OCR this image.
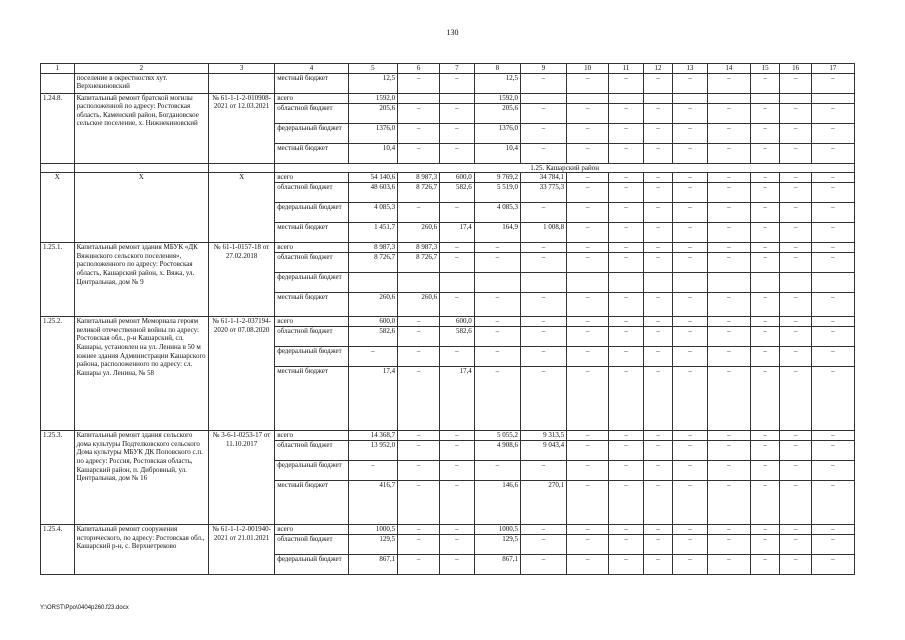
130
1	2	3	4	5	6	7	8	9	10	11	12	13	14	15	16	17
	поселение в окрестностях хут. Верхнекиновский		местный бюджет	12,5	–	–	12,5	–	–	–	–	–	–	–	–	–
1.24.8.	Капитальный ремонт братской могилы расположенной по адресу: Ростовская область, Каменский район, Богдановское сельское поселение, х. Нижнекиновский	№ 61-1-1-2-010908-2021 от 12.03.2021	всего	1592,0			1592,0									
			областной бюджет	205,6	–	–	205,6	–	–	–	–	–	–	–	–	–
			федеральный бюджет	1376,0	–	–	1376,0	–	–	–	–	–	–	–	–	–
			местный бюджет	10,4	–	–	10,4	–	–	–	–	–	–	–	–	–
			1.25. Кашарский район													
X	X	X	всего	54 140,6	8 987,3	600,0	9 769,2	34 784,1	–	–	–	–	–	–	–	–
			областной бюджет	48 603,6	8 726,7	582,6	5 519,0	33 775,3	–	–	–	–	–	–	–	–
			федеральный бюджет	4 085,3	–	–	4 085,3	–	–	–	–	–	–	–	–	–
			местный бюджет	1 451,7	260,6	17,4	164,9	1 008,8	–	–	–	–	–	–	–	–
1.25.1.	Капитальный ремонт здания МБУК «ДК Вяжинского сельского поселения», расположенного по адресу: Ростовская область, Кашарский район, х. Вяжа, ул. Центральная, дом № 9	№ 61-1-0157-18 от 27.02.2018	всего	8 987,3	8 987,3	–	–	–	–	–	–	–	–	–	–	–
			областной бюджет	8 726,7	8 726,7	–	–	–	–	–	–	–	–	–	–	–
			федеральный бюджет													
			местный бюджет	260,6	260,6	–	–	–	–	–	–	–	–	–	–	–
1.25.2.	Капитальный ремонт Мемориала героям великой отечественной войны по адресу: Ростовская обл., р-н Кашарский, сл. Кашары, установлен на ул. Ленина в 50 м южнее здания Администрации Кашарского района, расположенного по адресу: сл. Кашары ул. Ленина, № 58	№ 61-1-1-2-037194-2020 от 07.08.2020	всего	600,0	–	600,0	–	–	–	–	–	–	–	–	–	–
			областной бюджет	582,6	–	582,6	–	–	–	–	–	–	–	–	–	–
			федеральный бюджет	–	–	–	–	–	–	–	–	–	–	–	–	–
			местный бюджет	17,4	–	17,4	–	–	–	–	–	–	–	–	–	–
1.25.3.	Капитальный ремонт здания сельского дома культуры Подтелковского сельского Дома культуры МБУК ДК Поповского с.п. по адресу: Россия, Ростовская область, Кашарский район, п. Дибровный, ул. Центральная, дом № 16	№ 3-6-1-0253-17 от 11.10.2017	всего	14 368,7	–	–	5 055,2	9 313,5	–	–	–	–	–	–	–	–
			областной бюджет	13 952,0	–	–	4 908,6	9 043,4	–	–	–	–	–	–	–	–
			федеральный бюджет	–	–	–	–	–	–	–	–	–	–	–	–	–
			местный бюджет	416,7	–	–	146,6	270,1	–	–	–	–	–	–	–	–
1.25.4.	Капитальный ремонт сооружения исторического, по адресу: Ростовская обл., Кашарский р-н, с. Верхнетреково	№ 61-1-1-2-001940-2021 от 21.01.2021	всего	1000,5	–	–	1000,5	–	–	–	–	–	–	–	–	–
			областной бюджет	129,5	–	–	129,5	–	–	–	–	–	–	–	–	–
			федеральный бюджет	867,1	–	–	867,1	–	–	–	–	–	–	–	–	–
Y:\ORST\Ppo\0404p260.f23.docx
